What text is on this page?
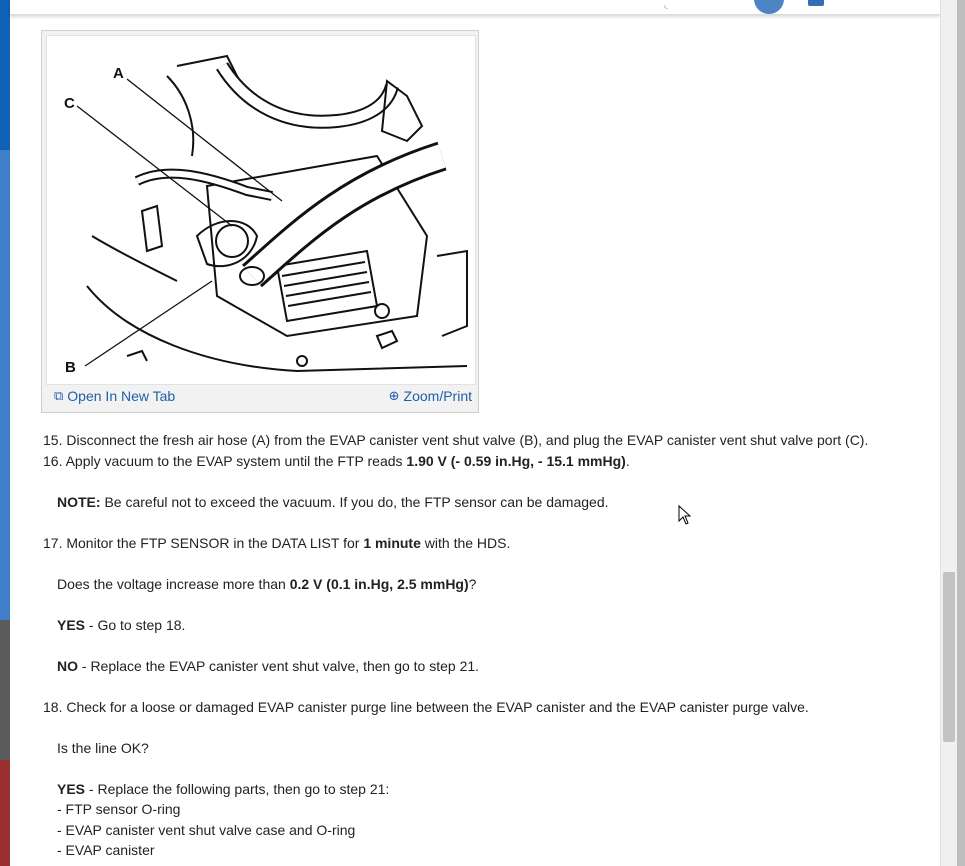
◟
A
B
C
⧉ Open In New Tab	⊕ Zoom/Print

15. Disconnect the fresh air hose (A) from the EVAP canister vent shut valve (B), and plug the EVAP canister vent shut valve port (C).

16. Apply vacuum to the EVAP system until the FTP reads 1.90 V (- 0.59 in.Hg, - 15.1 mmHg).

NOTE: Be careful not to exceed the vacuum. If you do, the FTP sensor can be damaged.

17. Monitor the FTP SENSOR in the DATA LIST for 1 minute with the HDS.

Does the voltage increase more than 0.2 V (0.1 in.Hg, 2.5 mmHg)?

YES - Go to step 18.

NO - Replace the EVAP canister vent shut valve, then go to step 21.

18. Check for a loose or damaged EVAP canister purge line between the EVAP canister and the EVAP canister purge valve.

Is the line OK?

YES - Replace the following parts, then go to step 21:

- FTP sensor O-ring

- EVAP canister vent shut valve case and O-ring

- EVAP canister
